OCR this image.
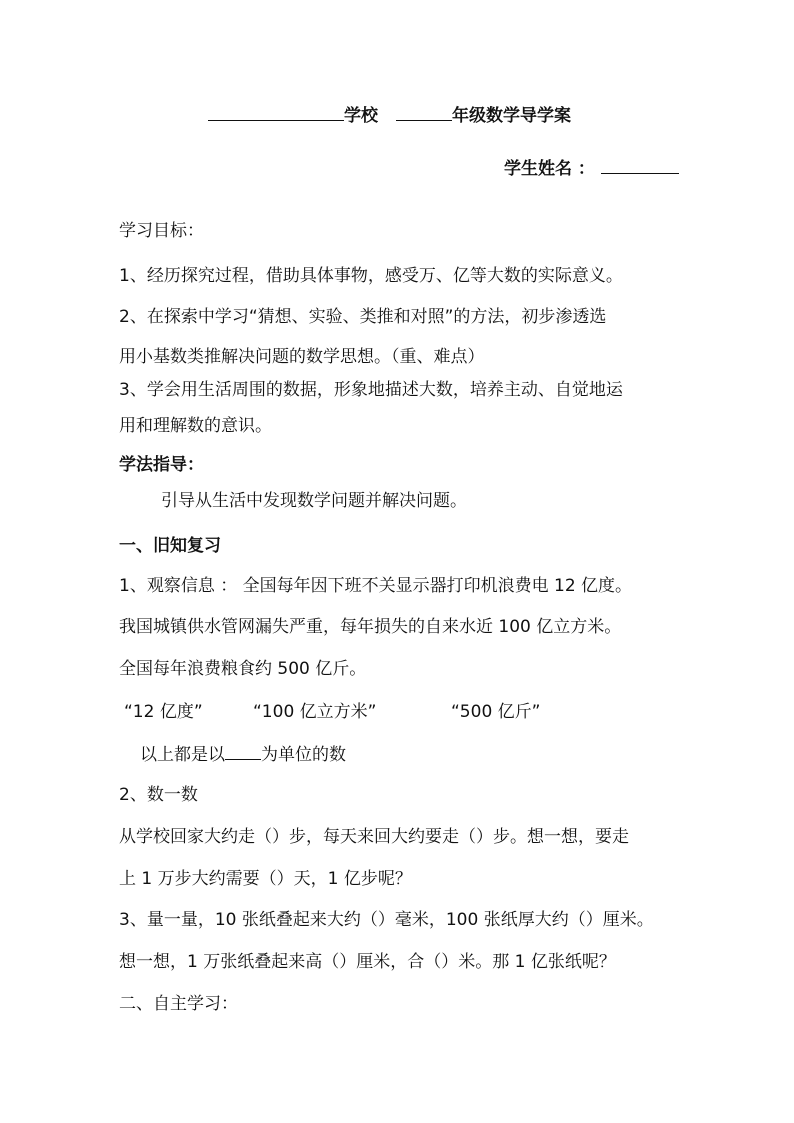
学校	年级数学导学案
学生姓名 ：
学习目标：
1、经历探究过程，借助具体事物，感受万、亿等大数的实际意义。
2、在探索中学习“猜想、实验、类推和对照”的方法，初步渗透选
用小基数类推解决问题的数学思想。（重、难点）
3、学会用生活周围的数据，形象地描述大数，培养主动、自觉地运
用和理解数的意识。
学法指导：
引导从生活中发现数学问题并解决问题。
一、旧知复习
1、观察信息 ： 全国每年因下班不关显示器打印机浪费电 12 亿度。
我国城镇供水管网漏失严重，每年损失的自来水近 100 亿立方米。
全国每年浪费粮食约 500 亿斤。
“12 亿度”	“100 亿立方米”	“500 亿斤”
以上都是以 为单位的数
2、数一数
从学校回家大约走（）步，每天来回大约要走（）步。想一想，要走
上 1 万步大约需要（）天，1 亿步呢？
3、量一量，10 张纸叠起来大约（）毫米，100 张纸厚大约（）厘米。
想一想，1 万张纸叠起来高（）厘米，合（）米。那 1 亿张纸呢？
二、自主学习：
